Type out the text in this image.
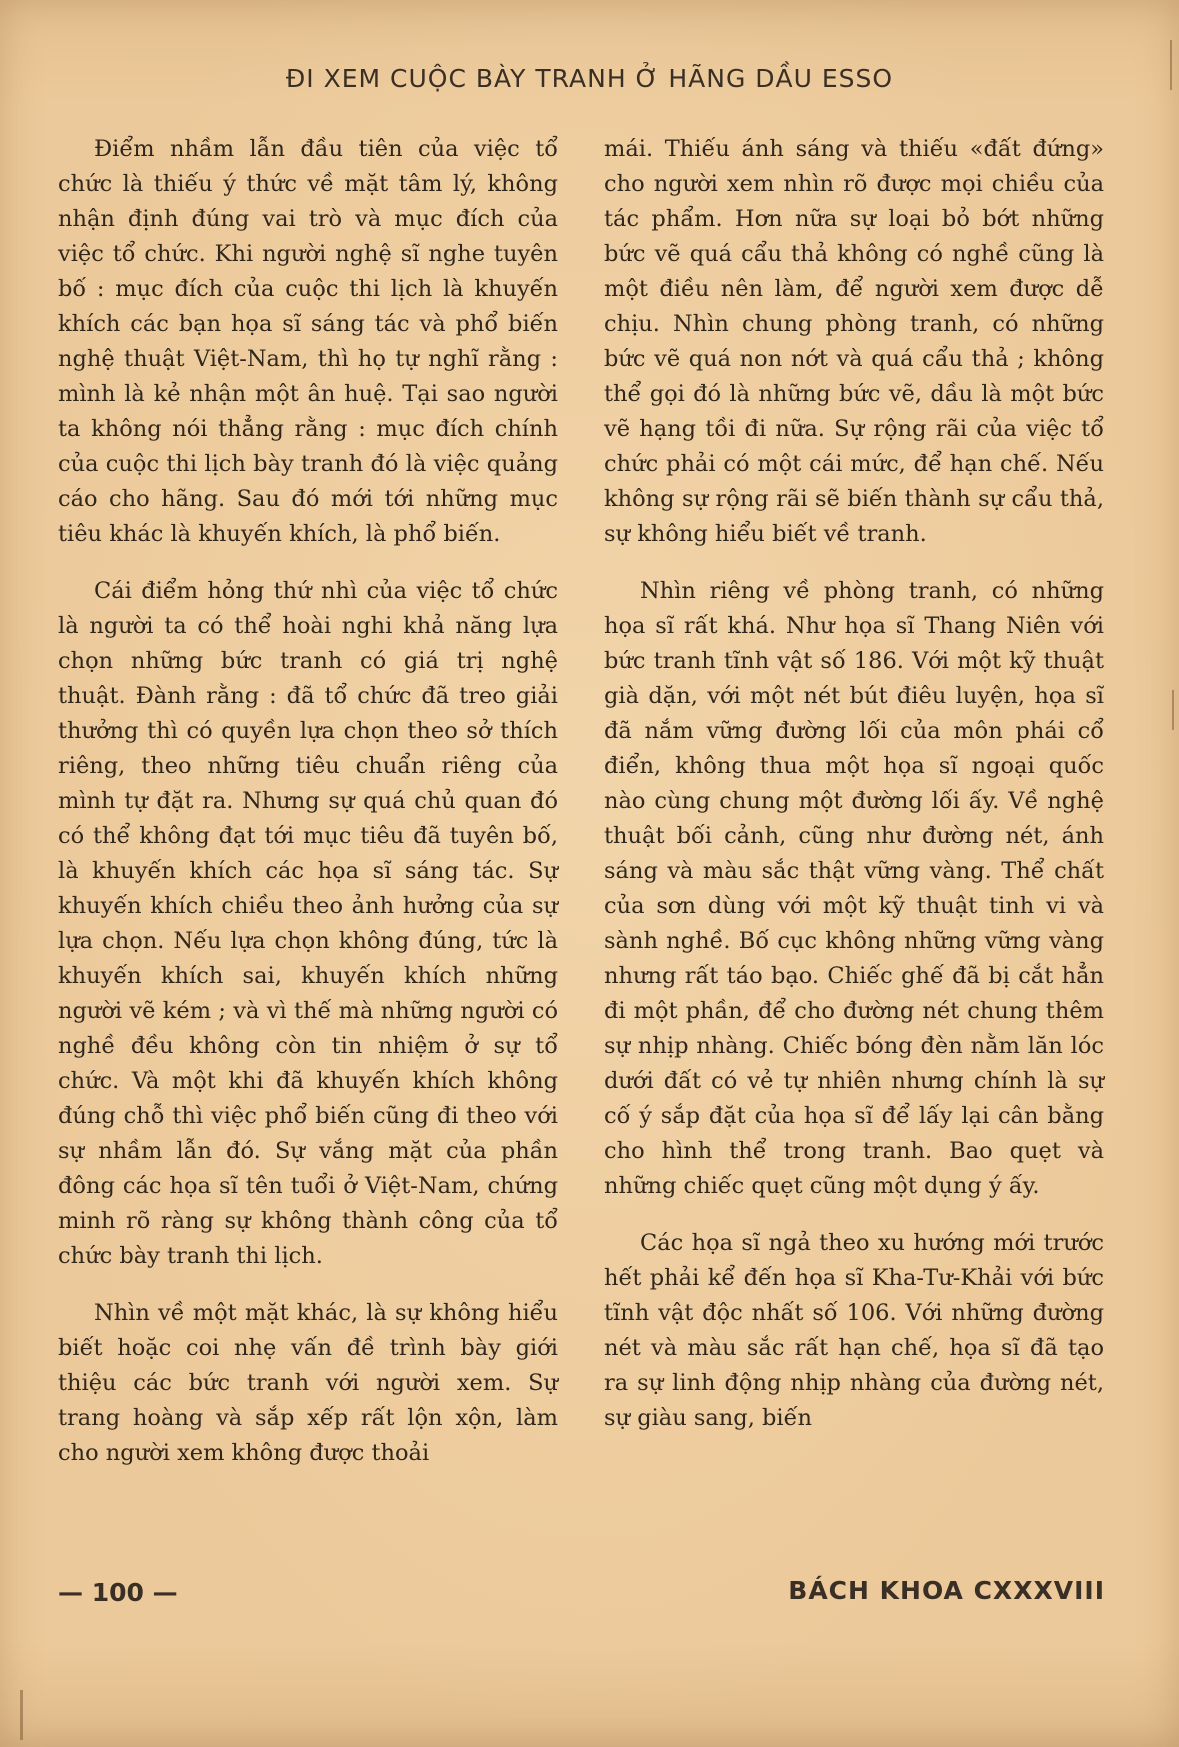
ĐI XEM CUỘC BÀY TRANH Ở HÃNG DẦU ESSO

Điểm nhầm lẫn đầu tiên của việc tổ chức là thiếu ý thức về mặt tâm lý, không nhận định đúng vai trò và mục đích của việc tổ chức. Khi người nghệ sĩ nghe tuyên bố : mục đích của cuộc thi lịch là khuyến khích các bạn họa sĩ sáng tác và phổ biến nghệ thuật Việt-Nam, thì họ tự nghĩ rằng : mình là kẻ nhận một ân huệ. Tại sao người ta không nói thẳng rằng : mục đích chính của cuộc thi lịch bày tranh đó là việc quảng cáo cho hãng. Sau đó mới tới những mục tiêu khác là khuyến khích, là phổ biến.

Cái điểm hỏng thứ nhì của việc tổ chức là người ta có thể hoài nghi khả năng lựa chọn những bức tranh có giá trị nghệ thuật. Đành rằng : đã tổ chức đã treo giải thưởng thì có quyền lựa chọn theo sở thích riêng, theo những tiêu chuẩn riêng của mình tự đặt ra. Nhưng sự quá chủ quan đó có thể không đạt tới mục tiêu đã tuyên bố, là khuyến khích các họa sĩ sáng tác. Sự khuyến khích chiều theo ảnh hưởng của sự lựa chọn. Nếu lựa chọn không đúng, tức là khuyến khích sai, khuyến khích những người vẽ kém ; và vì thế mà những người có nghề đều không còn tin nhiệm ở sự tổ chức. Và một khi đã khuyến khích không đúng chỗ thì việc phổ biến cũng đi theo với sự nhầm lẫn đó. Sự vắng mặt của phần đông các họa sĩ tên tuổi ở Việt-Nam, chứng minh rõ ràng sự không thành công của tổ chức bày tranh thi lịch.

Nhìn về một mặt khác, là sự không hiểu biết hoặc coi nhẹ vấn đề trình bày giới thiệu các bức tranh với người xem. Sự trang hoàng và sắp xếp rất lộn xộn, làm cho người xem không được thoải

mái. Thiếu ánh sáng và thiếu «đất đứng» cho người xem nhìn rõ được mọi chiều của tác phẩm. Hơn nữa sự loại bỏ bớt những bức vẽ quá cẩu thả không có nghề cũng là một điều nên làm, để người xem được dễ chịu. Nhìn chung phòng tranh, có những bức vẽ quá non nớt và quá cẩu thả ; không thể gọi đó là những bức vẽ, dầu là một bức vẽ hạng tồi đi nữa. Sự rộng rãi của việc tổ chức phải có một cái mức, để hạn chế. Nếu không sự rộng rãi sẽ biến thành sự cẩu thả, sự không hiểu biết về tranh.

Nhìn riêng về phòng tranh, có những họa sĩ rất khá. Như họa sĩ Thang Niên với bức tranh tĩnh vật số 186. Với một kỹ thuật già dặn, với một nét bút điêu luyện, họa sĩ đã nắm vững đường lối của môn phái cổ điển, không thua một họa sĩ ngoại quốc nào cùng chung một đường lối ấy. Về nghệ thuật bối cảnh, cũng như đường nét, ánh sáng và màu sắc thật vững vàng. Thể chất của sơn dùng với một kỹ thuật tinh vi và sành nghề. Bố cục không những vững vàng nhưng rất táo bạo. Chiếc ghế đã bị cắt hẳn đi một phần, để cho đường nét chung thêm sự nhịp nhàng. Chiếc bóng đèn nằm lăn lóc dưới đất có vẻ tự nhiên nhưng chính là sự cố ý sắp đặt của họa sĩ để lấy lại cân bằng cho hình thể trong tranh. Bao quẹt và những chiếc quẹt cũng một dụng ý ấy.

Các họa sĩ ngả theo xu hướng mới trước hết phải kể đến họa sĩ Kha-Tư-Khải với bức tĩnh vật độc nhất số 106. Với những đường nét và màu sắc rất hạn chế, họa sĩ đã tạo ra sự linh động nhịp nhàng của đường nét, sự giàu sang, biến

— 100 —	BÁCH KHOA CXXXVIII
